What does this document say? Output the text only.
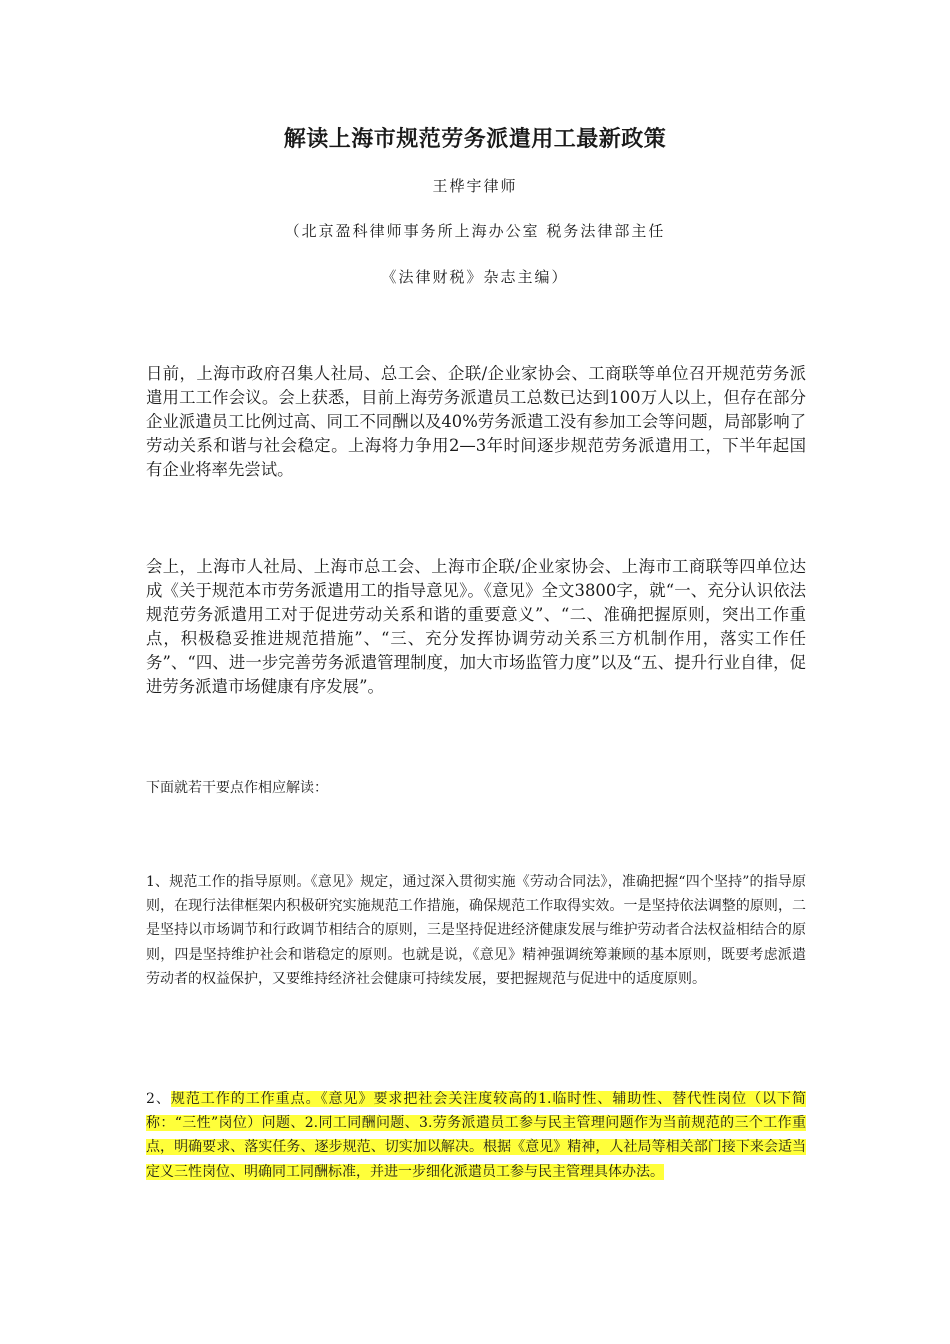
解读上海市规范劳务派遣用工最新政策
王桦宇律师
（北京盈科律师事务所上海办公室 税务法律部主任
《法律财税》杂志主编）

日前，上海市政府召集人社局、总工会、企联/企业家协会、工商联等单位召开规范劳务派遣用工工作会议。会上获悉，目前上海劳务派遣员工总数已达到100万人以上，但存在部分企业派遣员工比例过高、同工不同酬以及40%劳务派遣工没有参加工会等问题，局部影响了劳动关系和谐与社会稳定。上海将力争用2—3年时间逐步规范劳务派遣用工，下半年起国有企业将率先尝试。

会上，上海市人社局、上海市总工会、上海市企联/企业家协会、上海市工商联等四单位达成《关于规范本市劳务派遣用工的指导意见》。《意见》全文3800字，就“一、充分认识依法规范劳务派遣用工对于促进劳动关系和谐的重要意义”、“二、准确把握原则，突出工作重点，积极稳妥推进规范措施”、“三、充分发挥协调劳动关系三方机制作用，落实工作任务”、“四、进一步完善劳务派遣管理制度，加大市场监管力度”以及“五、提升行业自律，促进劳务派遣市场健康有序发展”。

下面就若干要点作相应解读：

1、规范工作的指导原则。《意见》规定，通过深入贯彻实施《劳动合同法》，准确把握“四个坚持”的指导原则，在现行法律框架内积极研究实施规范工作措施，确保规范工作取得实效。一是坚持依法调整的原则，二是坚持以市场调节和行政调节相结合的原则，三是坚持促进经济健康发展与维护劳动者合法权益相结合的原则，四是坚持维护社会和谐稳定的原则。也就是说，《意见》精神强调统筹兼顾的基本原则，既要考虑派遣劳动者的权益保护，又要维持经济社会健康可持续发展，要把握规范与促进中的适度原则。

2、规范工作的工作重点。《意见》要求把社会关注度较高的1.临时性、辅助性、替代性岗位（以下简称：“三性”岗位）问题、2.同工同酬问题、3.劳务派遣员工参与民主管理问题作为当前规范的三个工作重点，明确要求、落实任务、逐步规范、切实加以解决。根据《意见》精神，人社局等相关部门接下来会适当定义三性岗位、明确同工同酬标准，并进一步细化派遣员工参与民主管理具体办法。
